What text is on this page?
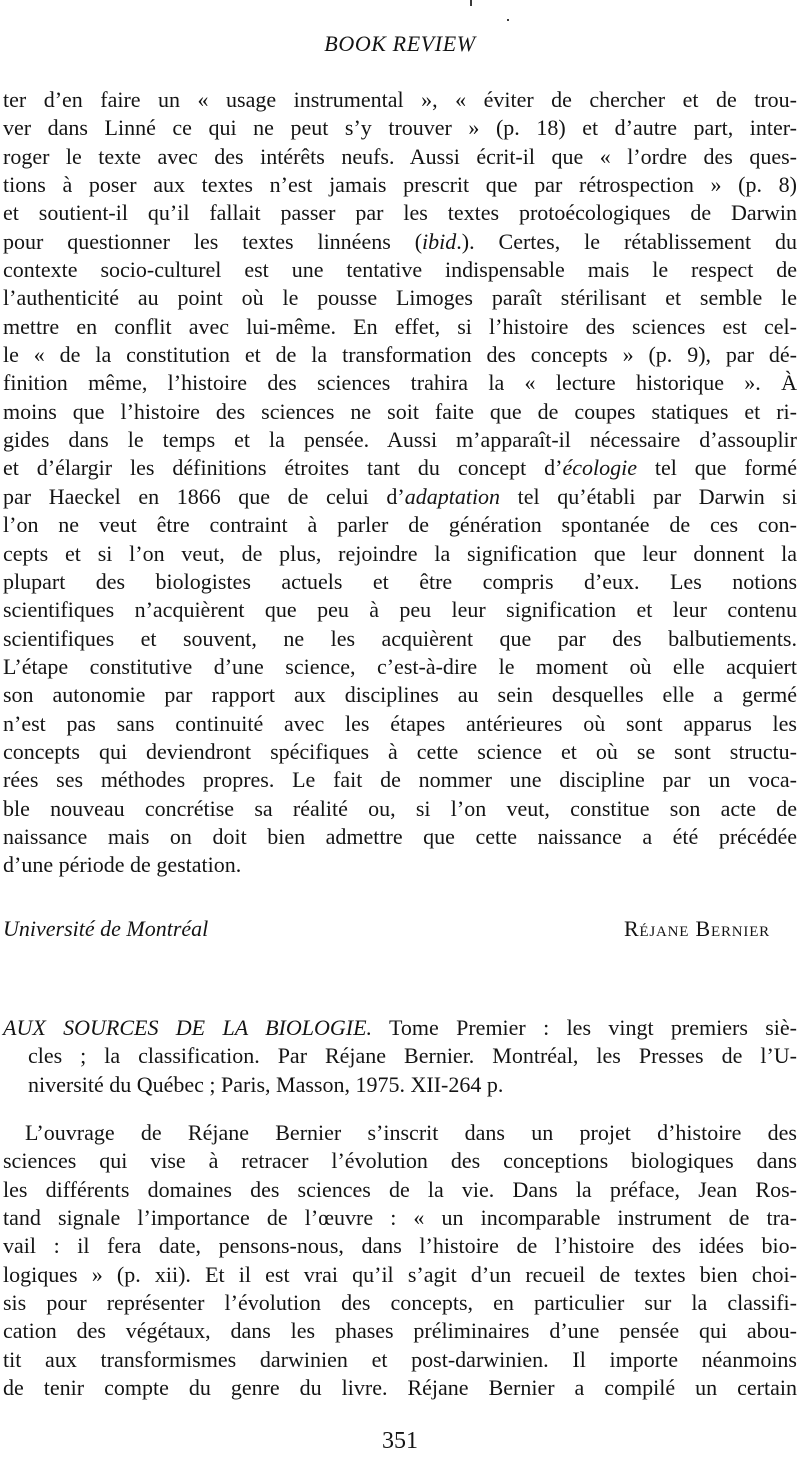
BOOK REVIEW
ter d’en faire un « usage instrumental », « éviter de chercher et de trou-
ver dans Linné ce qui ne peut s’y trouver » (p. 18) et d’autre part, inter-
roger le texte avec des intérêts neufs. Aussi écrit-il que « l’ordre des ques-
tions à poser aux textes n’est jamais prescrit que par rétrospection » (p. 8)
et soutient-il qu’il fallait passer par les textes protoécologiques de Darwin
pour questionner les textes linnéens (ibid.). Certes, le rétablissement du
contexte socio-culturel est une tentative indispensable mais le respect de
l’authenticité au point où le pousse Limoges paraît stérilisant et semble le
mettre en conflit avec lui-même. En effet, si l’histoire des sciences est cel-
le « de la constitution et de la transformation des concepts » (p. 9), par dé-
finition même, l’histoire des sciences trahira la « lecture historique ». À
moins que l’histoire des sciences ne soit faite que de coupes statiques et ri-
gides dans le temps et la pensée. Aussi m’apparaît-il nécessaire d’assouplir
et d’élargir les définitions étroites tant du concept d’écologie tel que formé
par Haeckel en 1866 que de celui d’adaptation tel qu’établi par Darwin si
l’on ne veut être contraint à parler de génération spontanée de ces con-
cepts et si l’on veut, de plus, rejoindre la signification que leur donnent la
plupart des biologistes actuels et être compris d’eux. Les notions
scientifiques n’acquièrent que peu à peu leur signification et leur contenu
scientifiques et souvent, ne les acquièrent que par des balbutiements.
L’étape constitutive d’une science, c’est-à-dire le moment où elle acquiert
son autonomie par rapport aux disciplines au sein desquelles elle a germé
n’est pas sans continuité avec les étapes antérieures où sont apparus les
concepts qui deviendront spécifiques à cette science et où se sont structu-
rées ses méthodes propres. Le fait de nommer une discipline par un voca-
ble nouveau concrétise sa réalité ou, si l’on veut, constitue son acte de
naissance mais on doit bien admettre que cette naissance a été précédée
d’une période de gestation.
Université de Montréal	Réjane Bernier
AUX SOURCES DE LA BIOLOGIE. Tome Premier : les vingt premiers siè-
cles ; la classification. Par Réjane Bernier. Montréal, les Presses de l’U-
niversité du Québec ; Paris, Masson, 1975. XII-264 p.
L’ouvrage de Réjane Bernier s’inscrit dans un projet d’histoire des
sciences qui vise à retracer l’évolution des conceptions biologiques dans
les différents domaines des sciences de la vie. Dans la préface, Jean Ros-
tand signale l’importance de l’œuvre : « un incomparable instrument de tra-
vail : il fera date, pensons-nous, dans l’histoire de l’histoire des idées bio-
logiques » (p. xii). Et il est vrai qu’il s’agit d’un recueil de textes bien choi-
sis pour représenter l’évolution des concepts, en particulier sur la classifi-
cation des végétaux, dans les phases préliminaires d’une pensée qui abou-
tit aux transformismes darwinien et post-darwinien. Il importe néanmoins
de tenir compte du genre du livre. Réjane Bernier a compilé un certain
351
